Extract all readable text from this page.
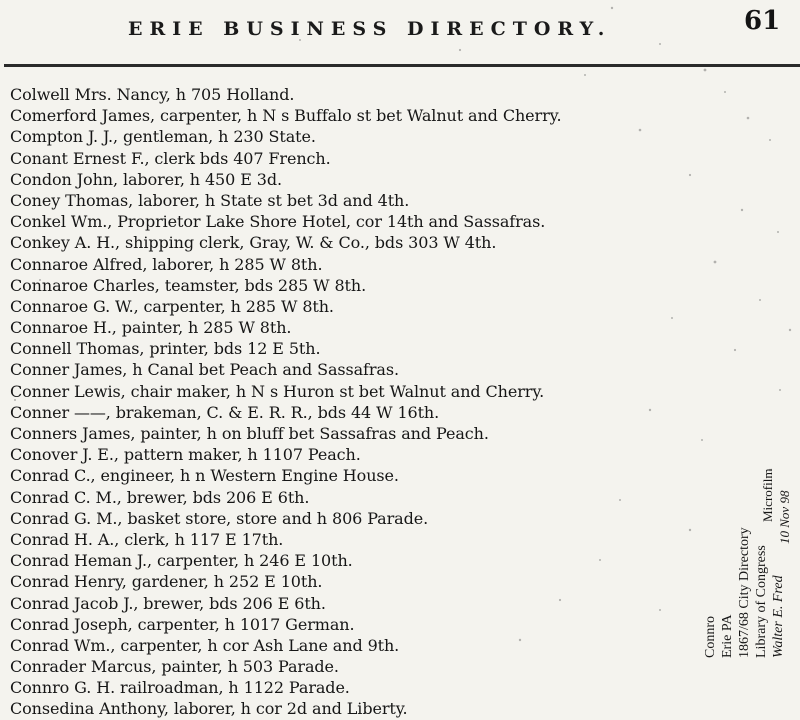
ERIE BUSINESS DIRECTORY.	61
Colwell Mrs. Nancy, h 705 Holland.
Comerford James, carpenter, h N s Buffalo st bet Walnut and Cherry.
Compton J. J., gentleman, h 230 State.
Conant Ernest F., clerk bds 407 French.
Condon John, laborer, h 450 E 3d.
Coney Thomas, laborer, h State st bet 3d and 4th.
Conkel Wm., Proprietor Lake Shore Hotel, cor 14th and Sassafras.
Conkey A. H., shipping clerk, Gray, W. & Co., bds 303 W 4th.
Connaroe Alfred, laborer, h 285 W 8th.
Connaroe Charles, teamster, bds 285 W 8th.
Connaroe G. W., carpenter, h 285 W 8th.
Connaroe H., painter, h 285 W 8th.
Connell Thomas, printer, bds 12 E 5th.
Conner James, h Canal bet Peach and Sassafras.
Conner Lewis, chair maker, h N s Huron st bet Walnut and Cherry.
Conner ——, brakeman, C. & E. R. R., bds 44 W 16th.
Conners James, painter, h on bluff bet Sassafras and Peach.
Conover J. E., pattern maker, h 1107 Peach.
Conrad C., engineer, h n Western Engine House.
Conrad C. M., brewer, bds 206 E 6th.
Conrad G. M., basket store, store and h 806 Parade.
Conrad H. A., clerk, h 117 E 17th.
Conrad Heman J., carpenter, h 246 E 10th.
Conrad Henry, gardener, h 252 E 10th.
Conrad Jacob J., brewer, bds 206 E 6th.
Conrad Joseph, carpenter, h 1017 German.
Conrad Wm., carpenter, h cor Ash Lane and 9th.
Conrader Marcus, painter, h 503 Parade.
Connro G. H. railroadman, h 1122 Parade.
Consedina Anthony, laborer, h cor 2d and Liberty.
Microfilm 10 Nov 98
Connro Erie PA 1867/68 City Directory Library of Congress Walter E. Fred
